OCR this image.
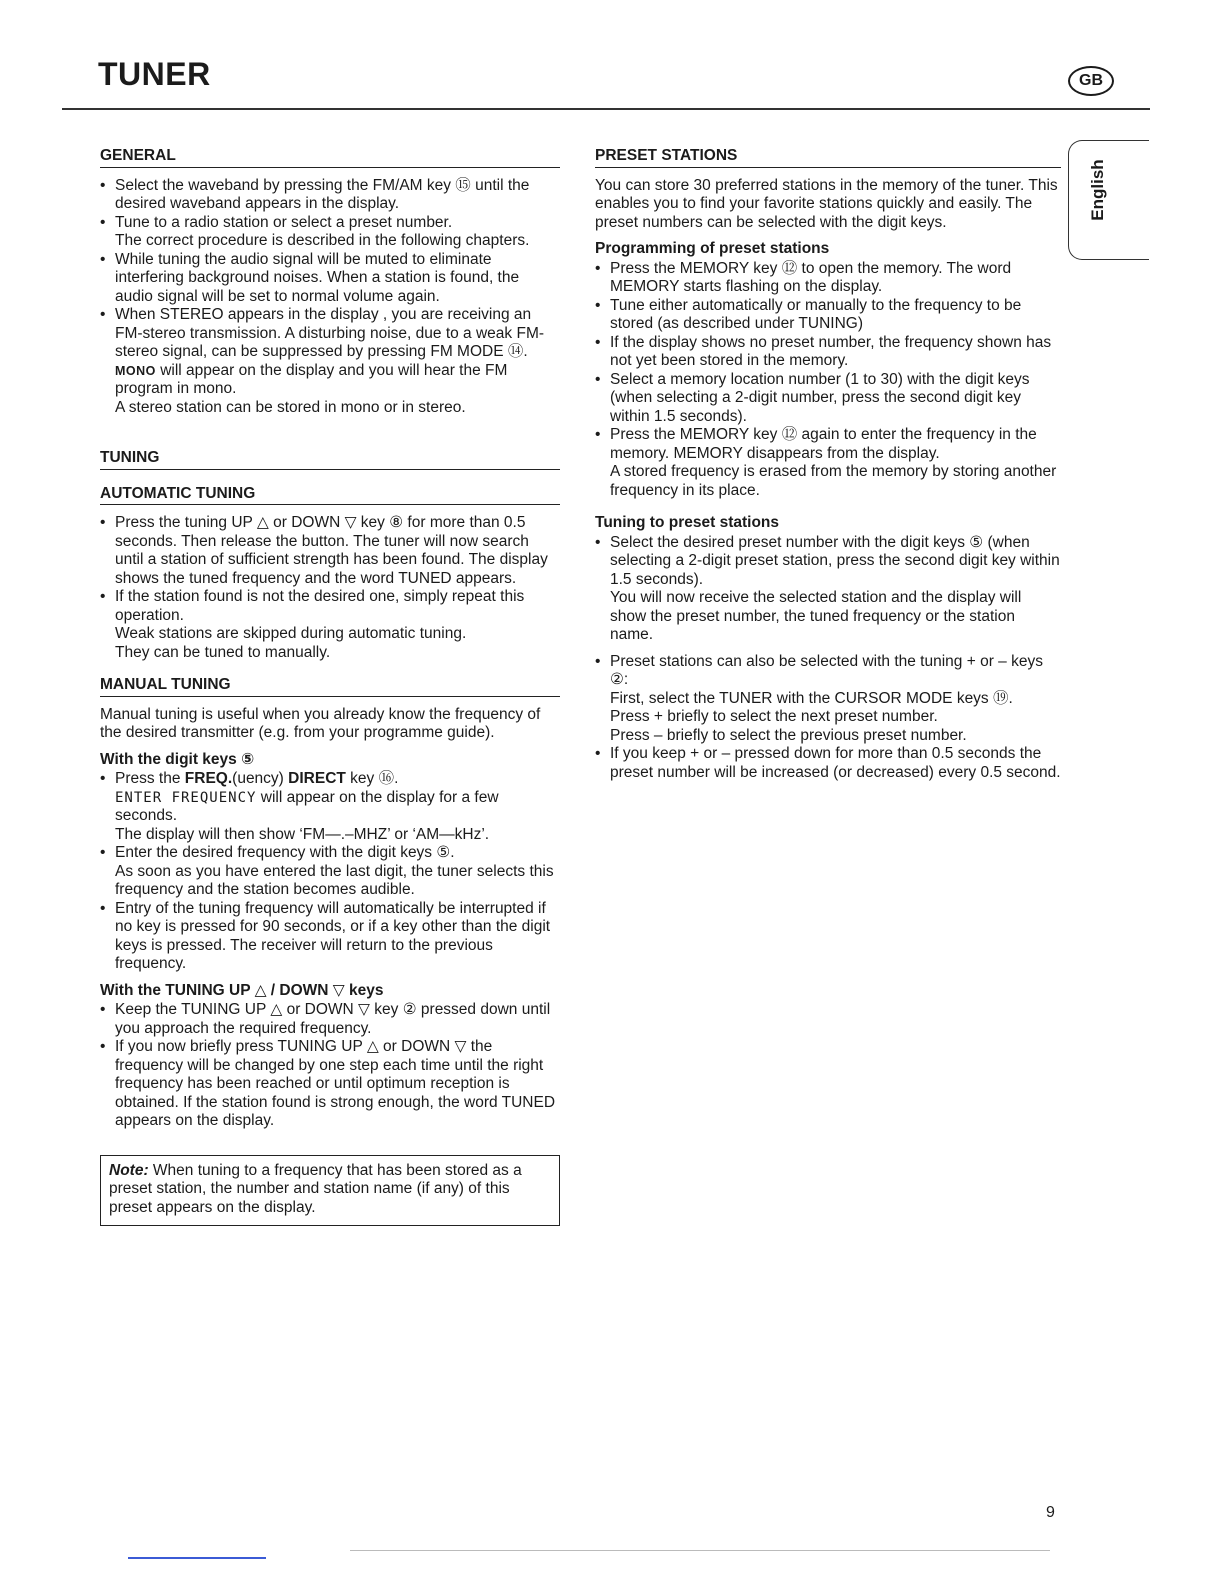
TUNER	GB
English
GENERAL
• Select the waveband by pressing the FM/AM key ⑮ until the desired waveband appears in the display.
• Tune to a radio station or select a preset number.
The correct procedure is described in the following chapters.
• While tuning the audio signal will be muted to eliminate interfering background noises. When a station is found, the audio signal will be set to normal volume again.
• When STEREO appears in the display , you are receiving an FM-stereo transmission. A disturbing noise, due to a weak FM-stereo signal, can be suppressed by pressing FM MODE ⑭.
MONO will appear on the display and you will hear the FM program in mono.
A stereo station can be stored in mono or in stereo.
TUNING
AUTOMATIC TUNING
• Press the tuning UP △ or DOWN ▽ key ⑧ for more than 0.5 seconds. Then release the button. The tuner will now search until a station of sufficient strength has been found. The display shows the tuned frequency and the word TUNED appears.
• If the station found is not the desired one, simply repeat this operation.
Weak stations are skipped during automatic tuning.
They can be tuned to manually.
MANUAL TUNING

Manual tuning is useful when you already know the frequency of the desired transmitter (e.g. from your programme guide).

With the digit keys ⑤

• Press the FREQ.(uency) DIRECT key ⑯.
ENTER FREQUENCY will appear on the display for a few seconds.
The display will then show ‘FM—.–MHZ’ or ‘AM—kHz’.
• Enter the desired frequency with the digit keys ⑤.
As soon as you have entered the last digit, the tuner selects this frequency and the station becomes audible.
• Entry of the tuning frequency will automatically be interrupted if no key is pressed for 90 seconds, or if a key other than the digit keys is pressed. The receiver will return to the previous frequency.

With the TUNING UP △ / DOWN ▽ keys

• Keep the TUNING UP △ or DOWN ▽ key ② pressed down until you approach the required frequency.
• If you now briefly press TUNING UP △ or DOWN ▽ the frequency will be changed by one step each time until the right frequency has been reached or until optimum reception is obtained. If the station found is strong enough, the word TUNED appears on the display.
Note: When tuning to a frequency that has been stored as a preset station, the number and station name (if any) of this preset appears on the display.
PRESET STATIONS

You can store 30 preferred stations in the memory of the tuner. This enables you to find your favorite stations quickly and easily. The preset numbers can be selected with the digit keys.

Programming of preset stations

• Press the MEMORY key ⑫ to open the memory. The word MEMORY starts flashing on the display.
• Tune either automatically or manually to the frequency to be stored (as described under TUNING)
• If the display shows no preset number, the frequency shown has not yet been stored in the memory.
• Select a memory location number (1 to 30) with the digit keys (when selecting a 2-digit number, press the second digit key within 1.5 seconds).
• Press the MEMORY key ⑫ again to enter the frequency in the memory. MEMORY disappears from the display.
A stored frequency is erased from the memory by storing another frequency in its place.

Tuning to preset stations

• Select the desired preset number with the digit keys ⑤ (when selecting a 2-digit preset station, press the second digit key within 1.5 seconds).
You will now receive the selected station and the display will show the preset number, the tuned frequency or the station name.
• Preset stations can also be selected with the tuning + or – keys ②:
First, select the TUNER with the CURSOR MODE keys ⑲.
Press + briefly to select the next preset number.
Press – briefly to select the previous preset number.
• If you keep + or – pressed down for more than 0.5 seconds the preset number will be increased (or decreased) every 0.5 second.
9
